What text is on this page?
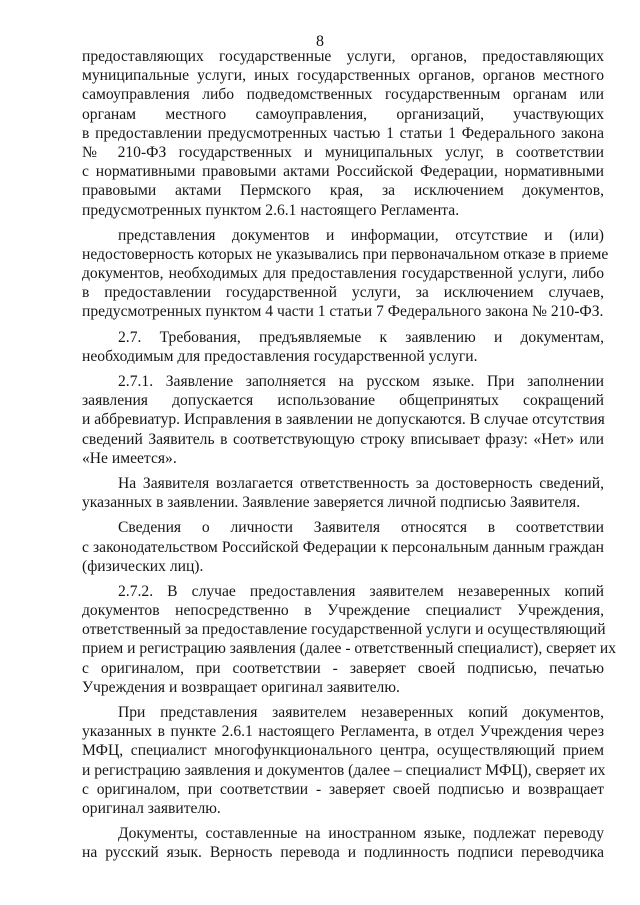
8
предоставляющих государственные услуги, органов, предоставляющих
муниципальные услуги, иных государственных органов, органов местного
самоуправления либо подведомственных государственным органам или
органам местного самоуправления, организаций, участвующих
в предоставлении предусмотренных частью 1 статьи 1 Федерального закона
№ 210-ФЗ государственных и муниципальных услуг, в соответствии
с нормативными правовыми актами Российской Федерации, нормативными
правовыми актами Пермского края, за исключением документов,
предусмотренных пунктом 2.6.1 настоящего Регламента.
представления документов и информации, отсутствие и (или)
недостоверность которых не указывались при первоначальном отказе в приеме
документов, необходимых для предоставления государственной услуги, либо
в предоставлении государственной услуги, за исключением случаев,
предусмотренных пунктом 4 части 1 статьи 7 Федерального закона № 210-ФЗ.
2.7. Требования, предъявляемые к заявлению и документам,
необходимым для предоставления государственной услуги.
2.7.1. Заявление заполняется на русском языке. При заполнении
заявления допускается использование общепринятых сокращений
и аббревиатур. Исправления в заявлении не допускаются. В случае отсутствия
сведений Заявитель в соответствующую строку вписывает фразу: «Нет» или
«Не имеется».
На Заявителя возлагается ответственность за достоверность сведений,
указанных в заявлении. Заявление заверяется личной подписью Заявителя.
Сведения о личности Заявителя относятся в соответствии
с законодательством Российской Федерации к персональным данным граждан
(физических лиц).
2.7.2. В случае предоставления заявителем незаверенных копий
документов непосредственно в Учреждение специалист Учреждения,
ответственный за предоставление государственной услуги и осуществляющий
прием и регистрацию заявления (далее - ответственный специалист), сверяет их
с оригиналом, при соответствии - заверяет своей подписью, печатью
Учреждения и возвращает оригинал заявителю.
При представления заявителем незаверенных копий документов,
указанных в пункте 2.6.1 настоящего Регламента, в отдел Учреждения через
МФЦ, специалист многофункционального центра, осуществляющий прием
и регистрацию заявления и документов (далее – специалист МФЦ), сверяет их
с оригиналом, при соответствии - заверяет своей подписью и возвращает
оригинал заявителю.
Документы, составленные на иностранном языке, подлежат переводу
на русский язык. Верность перевода и подлинность подписи переводчика
